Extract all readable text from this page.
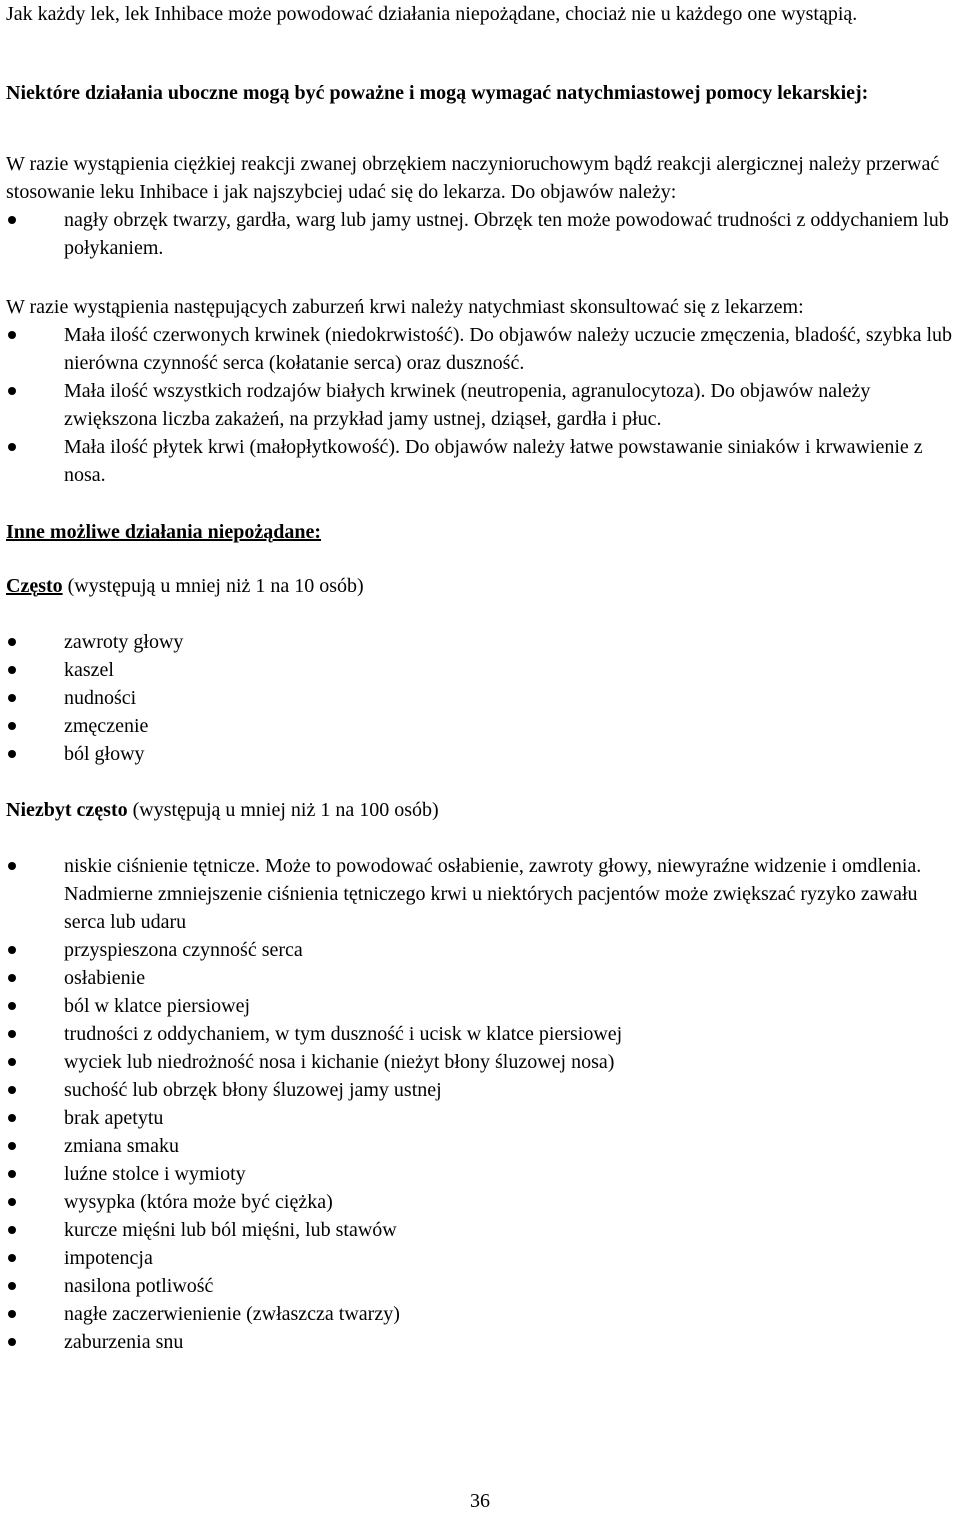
Jak każdy lek, lek Inhibace może powodować działania niepożądane, chociaż nie u każdego one wystąpią.

Niektóre działania uboczne mogą być poważne i mogą wymagać natychmiastowej pomocy lekarskiej:

W razie wystąpienia ciężkiej reakcji zwanej obrzękiem naczynioruchowym bądź reakcji alergicznej należy przerwać stosowanie leku Inhibace i jak najszybciej udać się do lekarza. Do objawów należy:

nagły obrzęk twarzy, gardła, warg lub jamy ustnej. Obrzęk ten może powodować trudności z oddychaniem lub połykaniem.

W razie wystąpienia następujących zaburzeń krwi należy natychmiast skonsultować się z lekarzem:

Mała ilość czerwonych krwinek (niedokrwistość). Do objawów należy uczucie zmęczenia, bladość, szybka lub nierówna czynność serca (kołatanie serca) oraz duszność.
Mała ilość wszystkich rodzajów białych krwinek (neutropenia, agranulocytoza). Do objawów należy zwiększona liczba zakażeń, na przykład jamy ustnej, dziąseł, gardła i płuc.
Mała ilość płytek krwi (małopłytkowość). Do objawów należy łatwe powstawanie siniaków i krwawienie z nosa.

Inne możliwe działania niepożądane:

Często (występują u mniej niż 1 na 10 osób)

zawroty głowy
kaszel
nudności
zmęczenie
ból głowy

Niezbyt często (występują u mniej niż 1 na 100 osób)

niskie ciśnienie tętnicze. Może to powodować osłabienie, zawroty głowy, niewyraźne widzenie i omdlenia. Nadmierne zmniejszenie ciśnienia tętniczego krwi u niektórych pacjentów może zwiększać ryzyko zawału serca lub udaru
przyspieszona czynność serca
osłabienie
ból w klatce piersiowej
trudności z oddychaniem, w tym duszność i ucisk w klatce piersiowej
wyciek lub niedrożność nosa i kichanie (nieżyt błony śluzowej nosa)
suchość lub obrzęk błony śluzowej jamy ustnej
brak apetytu
zmiana smaku
luźne stolce i wymioty
wysypka (która może być ciężka)
kurcze mięśni lub ból mięśni, lub stawów
impotencja
nasilona potliwość
nagłe zaczerwienienie (zwłaszcza twarzy)
zaburzenia snu
36
